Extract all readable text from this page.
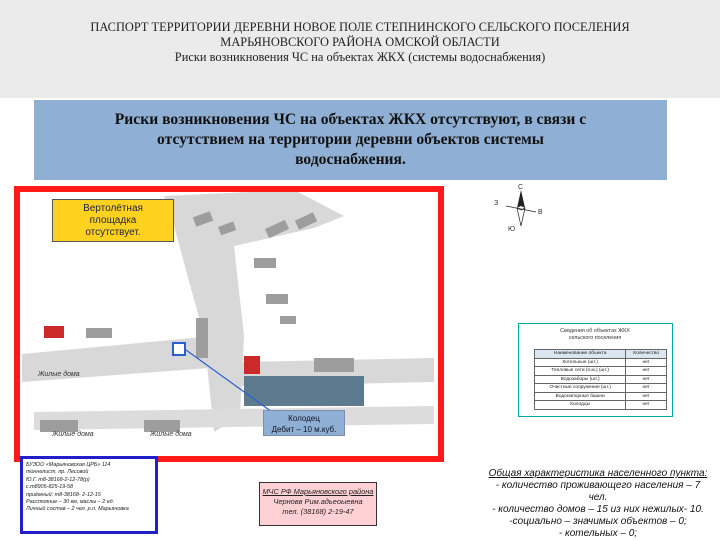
ПАСПОРТ ТЕРРИТОРИИ ДЕРЕВНИ НОВОЕ ПОЛЕ СТЕПНИНСКОГО СЕЛЬСКОГО ПОСЕЛЕНИЯ
МАРЬЯНОВСКОГО РАЙОНА ОМСКОЙ ОБЛАСТИ
Риски возникновения ЧС на объектах ЖКХ (системы водоснабжения)
Риски возникновения ЧС на объектах ЖКХ отсутствуют, в связи с
отсутствием на территории деревни объектов системы
водоснабжения.
Жилые дома
Жилые дома	Жилые дома
Вертолётная
площадка
отсутствует.
Колодец
Дебит – 10 м.куб.
С
З
В
Ю
Сведения об объектах ЖКХ
сельского поселения
Наименование объекта	Количество
Котельные (шт.)	нет
Тепловые сети (п.м.) (шт.)	нет
Водозаборы (шт.)	нет
Очистные сооружения (шт.)	нет
Водонапорные башни	нет
Колодцы	нет
БУЗОО «Марьяновская ЦРБ» 114
тоннелист, пр. Лесовой
Ю.Г. т8-38168-2-12-78(р)
с.т8905-825-19-58
приёмный: т8-38168- 2-12-15
Расстояние – 30 км, маслы – 2 ед.
Личный состав – 2 чел. р.п. Марьяновка
МЧС РФ Марьяновского района
Черновв Рим.адьеоыевна
тел. (38168) 2-19-47
Общая характеристика населенного пункта:
- количество проживающего населения – 7 чел.
- количество домов – 15 из них нежилых- 10.
-социально – значимых объектов – 0;
- котельных – 0;
